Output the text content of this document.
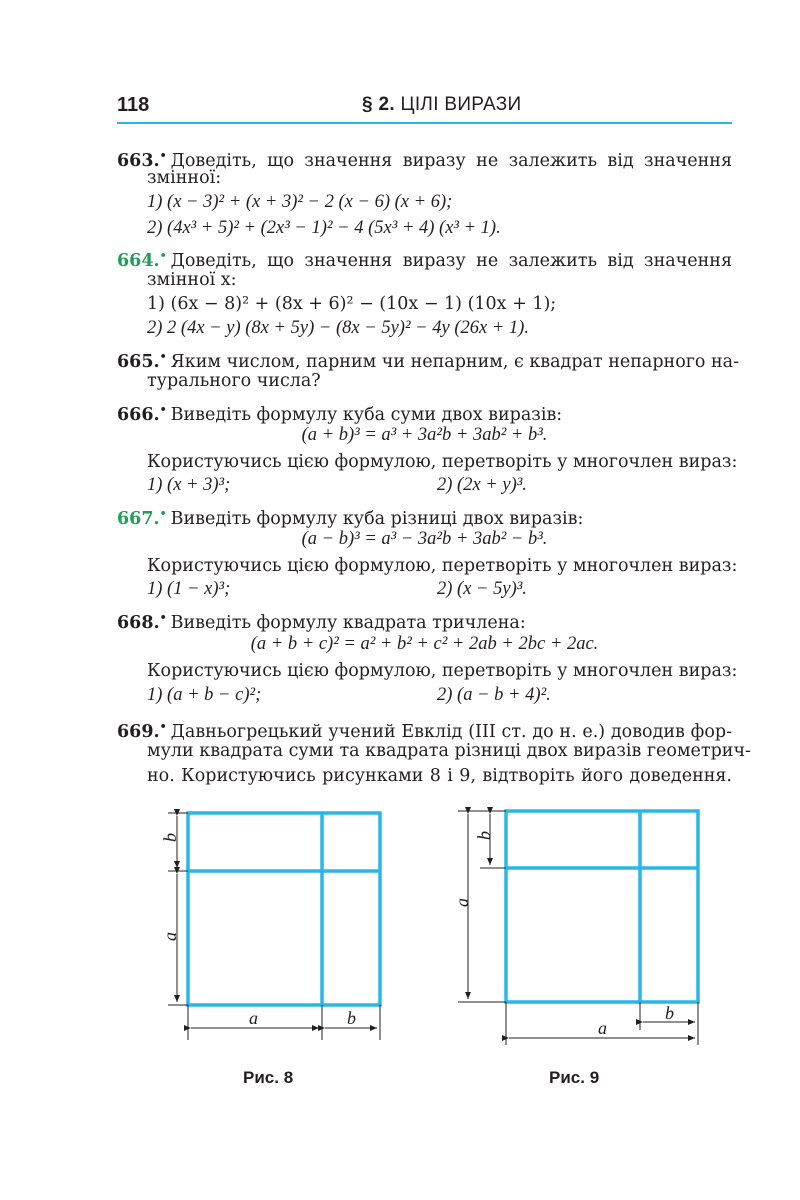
118	§ 2. ЦІЛІ ВИРАЗИ
663.• Доведіть, що значення виразу не залежить від значення
змінної:
1) (x − 3)² + (x + 3)² − 2 (x − 6) (x + 6);
2) (4x³ + 5)² + (2x³ − 1)² − 4 (5x³ + 4) (x³ + 1).
664.• Доведіть, що значення виразу не залежить від значення
змінної x:
1) (6x − 8)² + (8x + 6)² − (10x − 1) (10x + 1);
2) 2 (4x − y) (8x + 5y) − (8x − 5y)² − 4y (26x + 1).
665.• Яким числом, парним чи непарним, є квадрат непарного на-
турального числа?
666.• Виведіть формулу куба суми двох виразів:
(a + b)³ = a³ + 3a²b + 3ab² + b³.
Користуючись цією формулою, перетворіть у многочлен вираз:
1) (x + 3)³;	2) (2x + y)³.
667.• Виведіть формулу куба різниці двох виразів:
(a − b)³ = a³ − 3a²b + 3ab² − b³.
Користуючись цією формулою, перетворіть у многочлен вираз:
1) (1 − x)³;	2) (x − 5y)³.
668.• Виведіть формулу квадрата тричлена:
(a + b + c)² = a² + b² + c² + 2ab + 2bc + 2ac.
Користуючись цією формулою, перетворіть у многочлен вираз:
1) (a + b − c)²;	2) (a − b + 4)².
669.• Давньогрецький учений Евклід (III ст. до н. е.) доводив фор-
мули квадрата суми та квадрата різниці двох виразів геометрич-
но. Користуючись рисунками 8 і 9, відтворіть його доведення.
b
a
a	b
Рис. 8
b
a
a
b
Рис. 9
